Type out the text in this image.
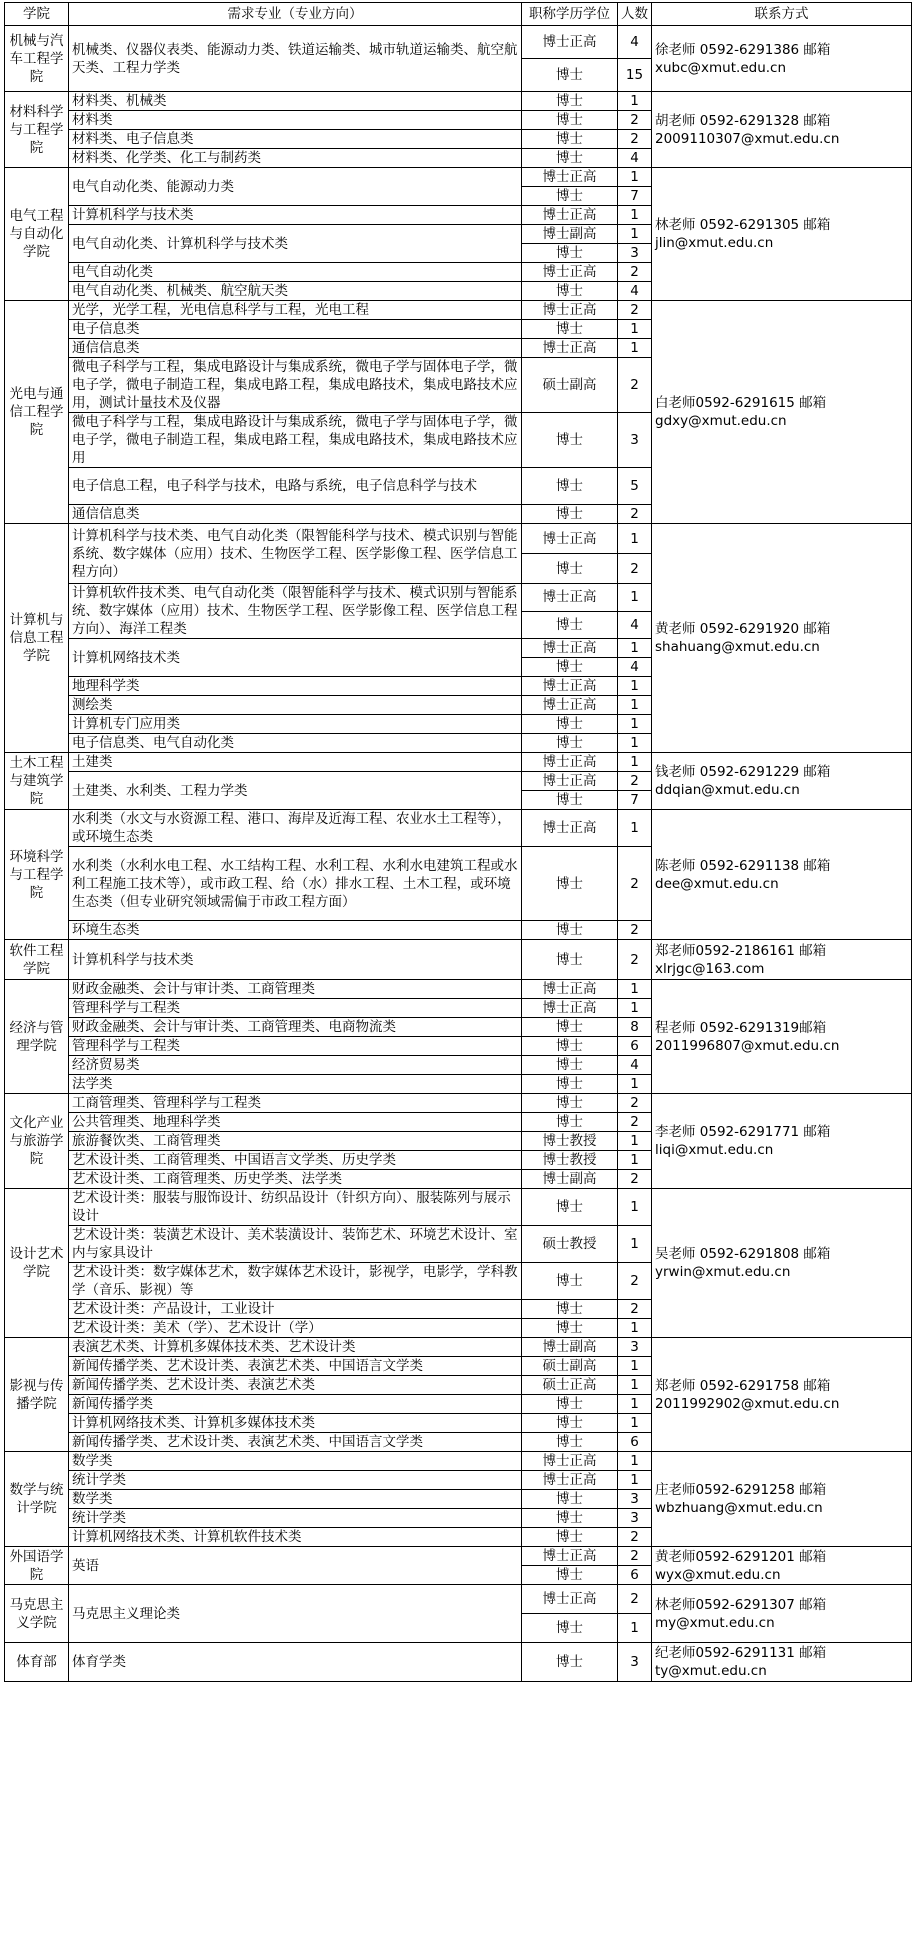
学院	需求专业（专业方向）	职称学历学位	人数	联系方式
机械与汽车工程学院	机械类、仪器仪表类、能源动力类、铁道运输类、城市轨道运输类、航空航天类、工程力学类	博士正高	4	徐老师 0592-6291386 邮箱
xubc@xmut.edu.cn
		博士	15	
材料科学与工程学院	材料类、机械类	博士	1	胡老师 0592-6291328 邮箱
2009110307@xmut.edu.cn
	材料类	博士	2	
	材料类、电子信息类	博士	2	
	材料类、化学类、化工与制药类	博士	4	
电气工程与自动化学院	电气自动化类、能源动力类	博士正高	1	林老师 0592-6291305 邮箱
jlin@xmut.edu.cn
		博士	7	
	计算机科学与技术类	博士正高	1	
	电气自动化类、计算机科学与技术类	博士副高	1	
		博士	3	
	电气自动化类	博士正高	2	
	电气自动化类、机械类、航空航天类	博士	4	
光电与通信工程学院	光学，光学工程，光电信息科学与工程，光电工程	博士正高	2	白老师0592-6291615 邮箱
gdxy@xmut.edu.cn
	电子信息类	博士	1	
	通信信息类	博士正高	1	
	微电子科学与工程，集成电路设计与集成系统，微电子学与固体电子学，微电子学，微电子制造工程，集成电路工程，集成电路技术，集成电路技术应用，测试计量技术及仪器	硕士副高	2	
	微电子科学与工程，集成电路设计与集成系统，微电子学与固体电子学，微电子学，微电子制造工程，集成电路工程，集成电路技术，集成电路技术应用	博士	3	
	电子信息工程，电子科学与技术，电路与系统，电子信息科学与技术	博士	5	
	通信信息类	博士	2	
计算机与信息工程学院	计算机科学与技术类、电气自动化类（限智能科学与技术、模式识别与智能系统、数字媒体（应用）技术、生物医学工程、医学影像工程、医学信息工程方向）	博士正高	1	黄老师 0592-6291920 邮箱
shahuang@xmut.edu.cn
		博士	2	
	计算机软件技术类、电气自动化类（限智能科学与技术、模式识别与智能系统、数字媒体（应用）技术、生物医学工程、医学影像工程、医学信息工程方向）、海洋工程类	博士正高	1	
		博士	4	
	计算机网络技术类	博士正高	1	
		博士	4	
	地理科学类	博士正高	1	
	测绘类	博士正高	1	
	计算机专门应用类	博士	1	
	电子信息类、电气自动化类	博士	1	
土木工程与建筑学院	土建类	博士正高	1	钱老师 0592-6291229 邮箱
ddqian@xmut.edu.cn
	土建类、水利类、工程力学类	博士正高	2	
		博士	7	
环境科学与工程学院	水利类（水文与水资源工程、港口、海岸及近海工程、农业水土工程等），或环境生态类	博士正高	1	陈老师 0592-6291138 邮箱
dee@xmut.edu.cn
	水利类（水利水电工程、水工结构工程、水利工程、水利水电建筑工程或水利工程施工技术等），或市政工程、给（水）排水工程、土木工程，或环境生态类（但专业研究领域需偏于市政工程方面）	博士	2	
	环境生态类	博士	2	
软件工程学院	计算机科学与技术类	博士	2	郑老师0592-2186161 邮箱
xlrjgc@163.com
经济与管理学院	财政金融类、会计与审计类、工商管理类	博士正高	1	程老师 0592-6291319邮箱
2011996807@xmut.edu.cn
	管理科学与工程类	博士正高	1	
	财政金融类、会计与审计类、工商管理类、电商物流类	博士	8	
	管理科学与工程类	博士	6	
	经济贸易类	博士	4	
	法学类	博士	1	
文化产业与旅游学院	工商管理类、管理科学与工程类	博士	2	李老师 0592-6291771 邮箱
liqi@xmut.edu.cn
	公共管理类、地理科学类	博士	2	
	旅游餐饮类、工商管理类	博士教授	1	
	艺术设计类、工商管理类、中国语言文学类、历史学类	博士教授	1	
	艺术设计类、工商管理类、历史学类、法学类	博士副高	2	
设计艺术学院	艺术设计类：服装与服饰设计、纺织品设计（针织方向）、服装陈列与展示设计	博士	1	吴老师 0592-6291808 邮箱
yrwin@xmut.edu.cn
	艺术设计类：装潢艺术设计、美术装潢设计、装饰艺术、环境艺术设计、室内与家具设计	硕士教授	1	
	艺术设计类：数字媒体艺术，数字媒体艺术设计，影视学，电影学，学科教学（音乐、影视）等	博士	2	
	艺术设计类：产品设计，工业设计	博士	2	
	艺术设计类：美术（学）、艺术设计（学）	博士	1	
影视与传播学院	表演艺术类、计算机多媒体技术类、艺术设计类	博士副高	3	郑老师 0592-6291758 邮箱
2011992902@xmut.edu.cn
	新闻传播学类、艺术设计类、表演艺术类、中国语言文学类	硕士副高	1	
	新闻传播学类、艺术设计类、表演艺术类	硕士正高	1	
	新闻传播学类	博士	1	
	计算机网络技术类、计算机多媒体技术类	博士	1	
	新闻传播学类、艺术设计类、表演艺术类、中国语言文学类	博士	6	
数学与统计学院	数学类	博士正高	1	庄老师0592-6291258 邮箱
wbzhuang@xmut.edu.cn
	统计学类	博士正高	1	
	数学类	博士	3	
	统计学类	博士	3	
	计算机网络技术类、计算机软件技术类	博士	2	
外国语学院	英语	博士正高	2	黄老师0592-6291201 邮箱
wyx@xmut.edu.cn
		博士	6	
马克思主义学院	马克思主义理论类	博士正高	2	林老师0592-6291307 邮箱
my@xmut.edu.cn
		博士	1	
体育部	体育学类	博士	3	纪老师0592-6291131 邮箱
ty@xmut.edu.cn
